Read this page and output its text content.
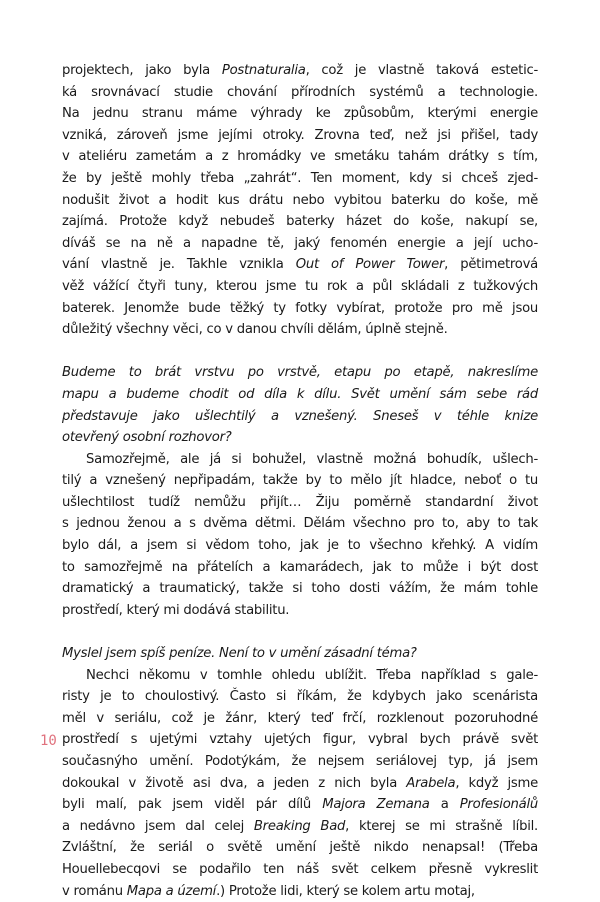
projektech, jako byla Postnaturalia, což je vlastně taková estetic-
ká srovnávací studie chování přírodních systémů a technologie.
Na jednu stranu máme výhrady ke způsobům, kterými energie
vzniká, zároveň jsme jejími otroky. Zrovna teď, než jsi přišel, tady
v ateliéru zametám a z hromádky ve smetáku tahám drátky s tím,
že by ještě mohly třeba „zahrát“. Ten moment, kdy si chceš zjed-
nodušit život a hodit kus drátu nebo vybitou baterku do koše, mě
zajímá. Protože když nebudeš baterky házet do koše, nakupí se,
díváš se na ně a napadne tě, jaký fenomén energie a její ucho-
vání vlastně je. Takhle vznikla Out of Power Tower, pětimetrová
věž vážící čtyři tuny, kterou jsme tu rok a půl skládali z tužkových
baterek. Jenomže bude těžký ty fotky vybírat, protože pro mě jsou
důležitý všechny věci, co v danou chvíli dělám, úplně stejně.
Budeme to brát vrstvu po vrstvě, etapu po etapě, nakreslíme
mapu a budeme chodit od díla k dílu. Svět umění sám sebe rád
představuje jako ušlechtilý a vznešený. Sneseš v téhle knize
otevřený osobní rozhovor?
Samozřejmě, ale já si bohužel, vlastně možná bohudík, ušlech-
tilý a vznešený nepřipadám, takže by to mělo jít hladce, neboť o tu
ušlechtilost tudíž nemůžu přijít… Žiju poměrně standardní život
s jednou ženou a s dvěma dětmi. Dělám všechno pro to, aby to tak
bylo dál, a jsem si vědom toho, jak je to všechno křehký. A vidím
to samozřejmě na přátelích a kamarádech, jak to může i být dost
dramatický a traumatický, takže si toho dosti vážím, že mám tohle
prostředí, který mi dodává stabilitu.
Myslel jsem spíš peníze. Není to v umění zásadní téma?
Nechci někomu v tomhle ohledu ublížit. Třeba například s gale-
risty je to choulostivý. Často si říkám, že kdybych jako scenárista
měl v seriálu, což je žánr, který teď frčí, rozklenout pozoruhodné
prostředí s ujetými vztahy ujetých figur, vybral bych právě svět
současnýho umění. Podotýkám, že nejsem seriálovej typ, já jsem
dokoukal v životě asi dva, a jeden z nich byla Arabela, když jsme
byli malí, pak jsem viděl pár dílů Majora Zemana a Profesionálů
a nedávno jsem dal celej Breaking Bad, kterej se mi strašně líbil.
Zvláštní, že seriál o světě umění ještě nikdo nenapsal! (Třeba
Houellebecqovi se podařilo ten náš svět celkem přesně vykreslit
v románu Mapa a území.) Protože lidi, který se kolem artu motaj,
10
